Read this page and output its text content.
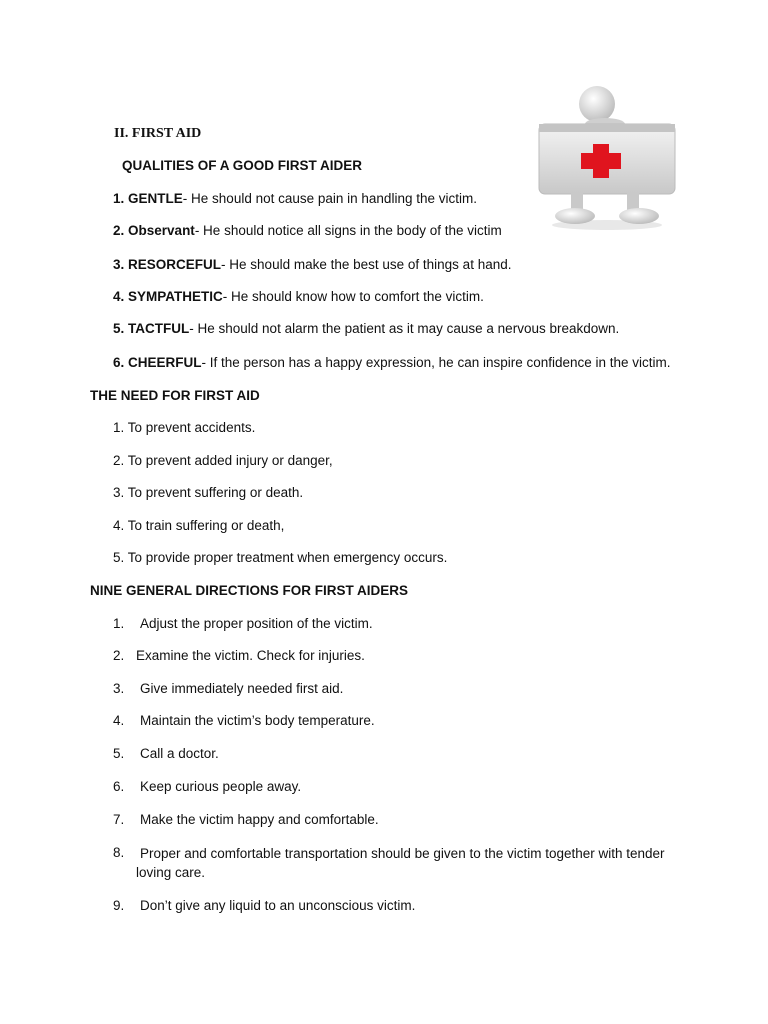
II. FIRST AID
QUALITIES OF A GOOD FIRST AIDER
1. GENTLE- He should not cause pain in handling the victim.
2. Observant- He should notice all signs in the body of the victim
3. RESORCEFUL- He should make the best use of things at hand.
4. SYMPATHETIC- He should know how to comfort the victim.
5. TACTFUL- He should not alarm the patient as it may cause a nervous breakdown.
6. CHEERFUL- If the person has a happy expression, he can inspire confidence in the victim.
THE NEED FOR FIRST AID
1. To prevent accidents.
2. To prevent added injury or danger,
3. To prevent suffering or death.
4. To train suffering or death,
5. To provide proper treatment when emergency occurs.
NINE GENERAL DIRECTIONS FOR FIRST AIDERS
1. Adjust the proper position of the victim.
2. Examine the victim. Check for injuries.
3. Give immediately needed first aid.
4. Maintain the victim’s body temperature.
5. Call a doctor.
6. Keep curious people away.
7. Make the victim happy and comfortable.
8.	Proper and comfortable transportation should be given to the victim together with tender loving care.
9. Don’t give any liquid to an unconscious victim.
